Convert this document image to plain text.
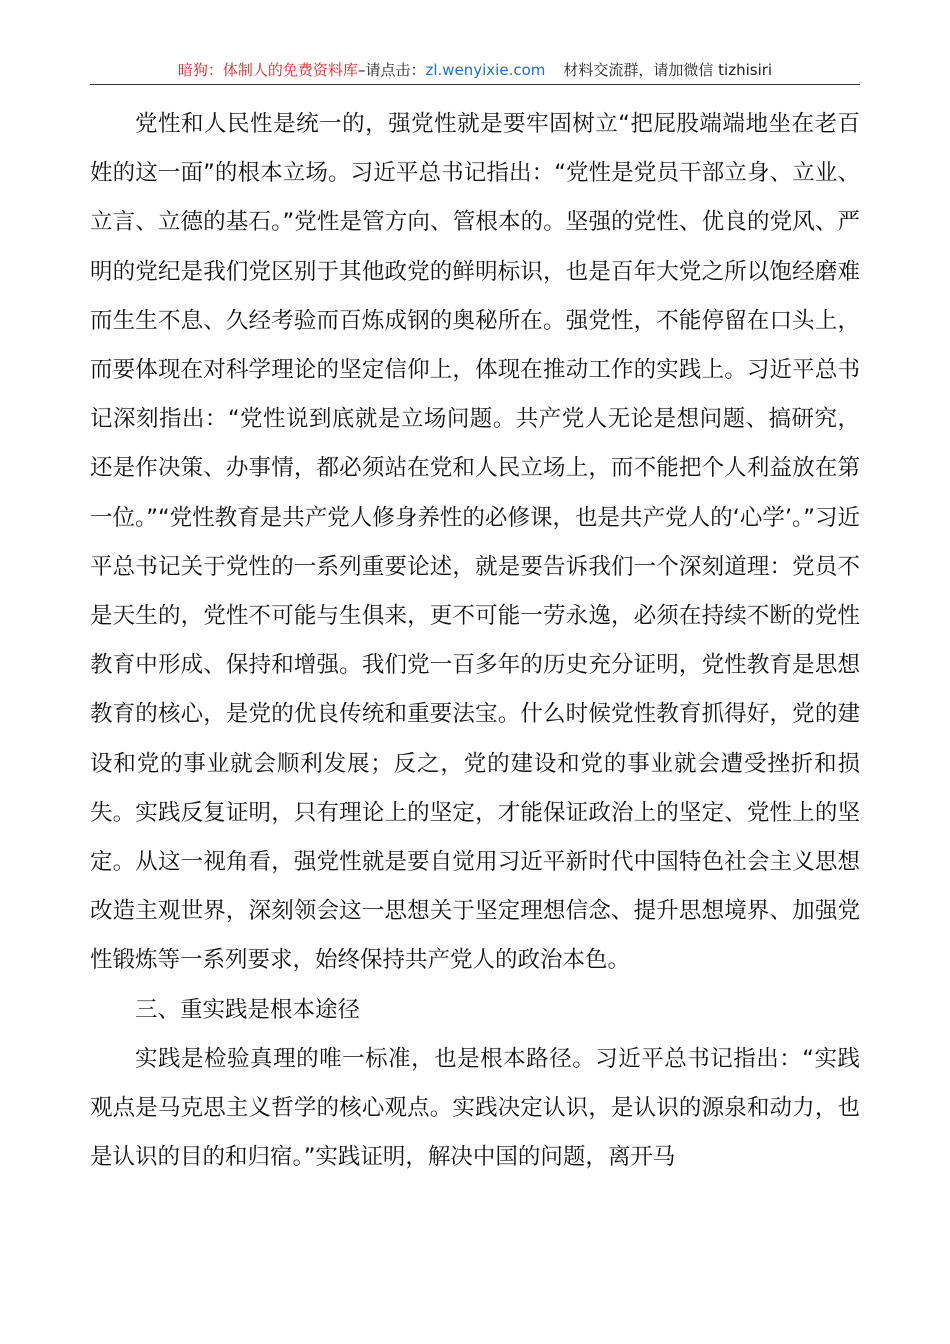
暗狗：体制人的免费资料库–请点击：zl.wenyixie.com 材料交流群，请加微信 tizhisiri

党性和人民性是统一的，强党性就是要牢固树立“把屁股端端地坐在老百姓的这一面”的根本立场。习近平总书记指出：“党性是党员干部立身、立业、立言、立德的基石。”党性是管方向、管根本的。坚强的党性、优良的党风、严明的党纪是我们党区别于其他政党的鲜明标识，也是百年大党之所以饱经磨难而生生不息、久经考验而百炼成钢的奥秘所在。强党性，不能停留在口头上，而要体现在对科学理论的坚定信仰上，体现在推动工作的实践上。习近平总书记深刻指出：“党性说到底就是立场问题。共产党人无论是想问题、搞研究，还是作决策、办事情，都必须站在党和人民立场上，而不能把个人利益放在第一位。”“党性教育是共产党人修身养性的必修课，也是共产党人的‘心学’。”习近平总书记关于党性的一系列重要论述，就是要告诉我们一个深刻道理：党员不是天生的，党性不可能与生俱来，更不可能一劳永逸，必须在持续不断的党性教育中形成、保持和增强。我们党一百多年的历史充分证明，党性教育是思想教育的核心，是党的优良传统和重要法宝。什么时候党性教育抓得好，党的建设和党的事业就会顺利发展；反之，党的建设和党的事业就会遭受挫折和损失。实践反复证明，只有理论上的坚定，才能保证政治上的坚定、党性上的坚定。从这一视角看，强党性就是要自觉用习近平新时代中国特色社会主义思想改造主观世界，深刻领会这一思想关于坚定理想信念、提升思想境界、加强党性锻炼等一系列要求，始终保持共产党人的政治本色。

三、重实践是根本途径

实践是检验真理的唯一标准，也是根本路径。习近平总书记指出：“实践观点是马克思主义哲学的核心观点。实践决定认识，是认识的源泉和动力，也是认识的目的和归宿。”实践证明，解决中国的问题，离开马
